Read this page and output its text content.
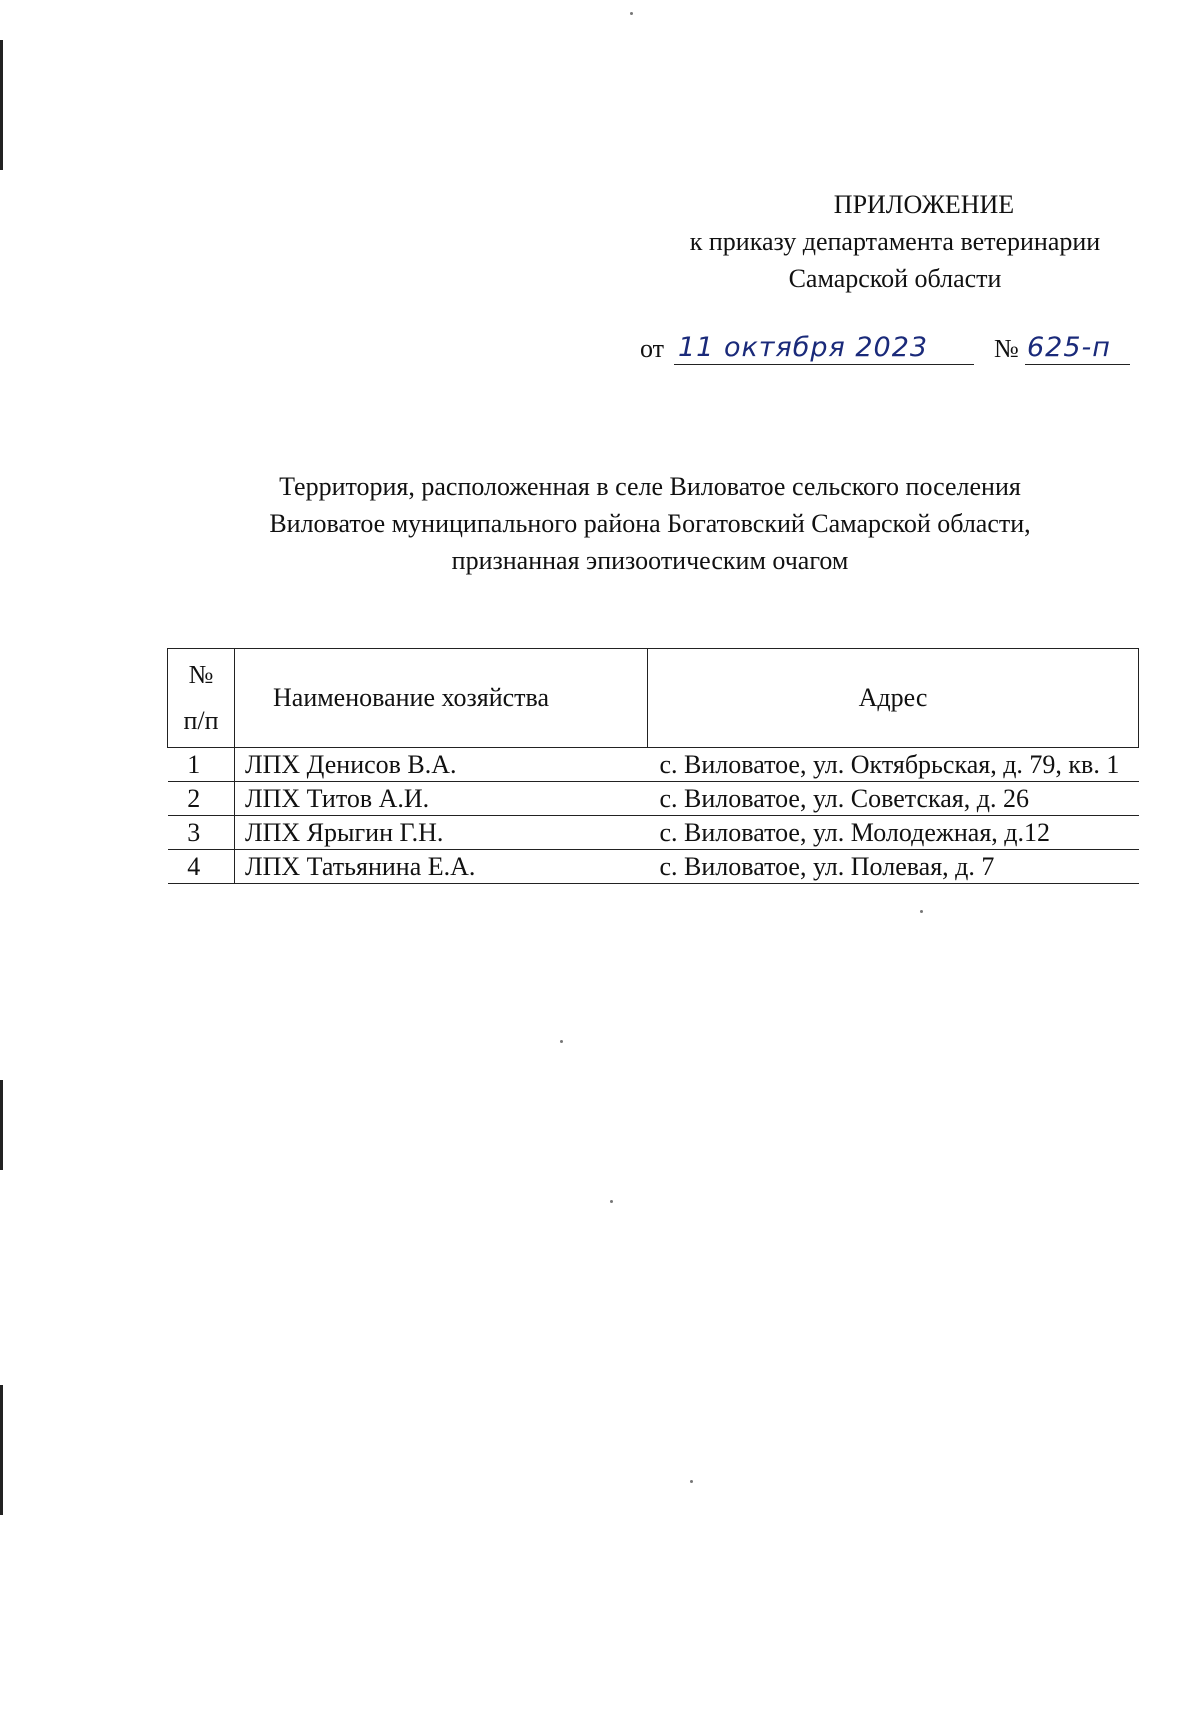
ПРИЛОЖЕНИЕ
к приказу департамента ветеринарии
Самарской области
от 11 октября 2023	№ 625-п
Территория, расположенная в селе Виловатое сельского поселения
Виловатое муниципального района Богатовский Самарской области,
признанная эпизоотическим очагом
№
п/п	Наименование хозяйства	Адрес
1	ЛПХ Денисов В.А.	с. Виловатое, ул. Октябрьская, д. 79, кв. 1
2	ЛПХ Титов А.И.	с. Виловатое, ул. Советская, д. 26
3	ЛПХ Ярыгин Г.Н.	с. Виловатое, ул. Молодежная, д.12
4	ЛПХ Татьянина Е.А.	с. Виловатое, ул. Полевая, д. 7
